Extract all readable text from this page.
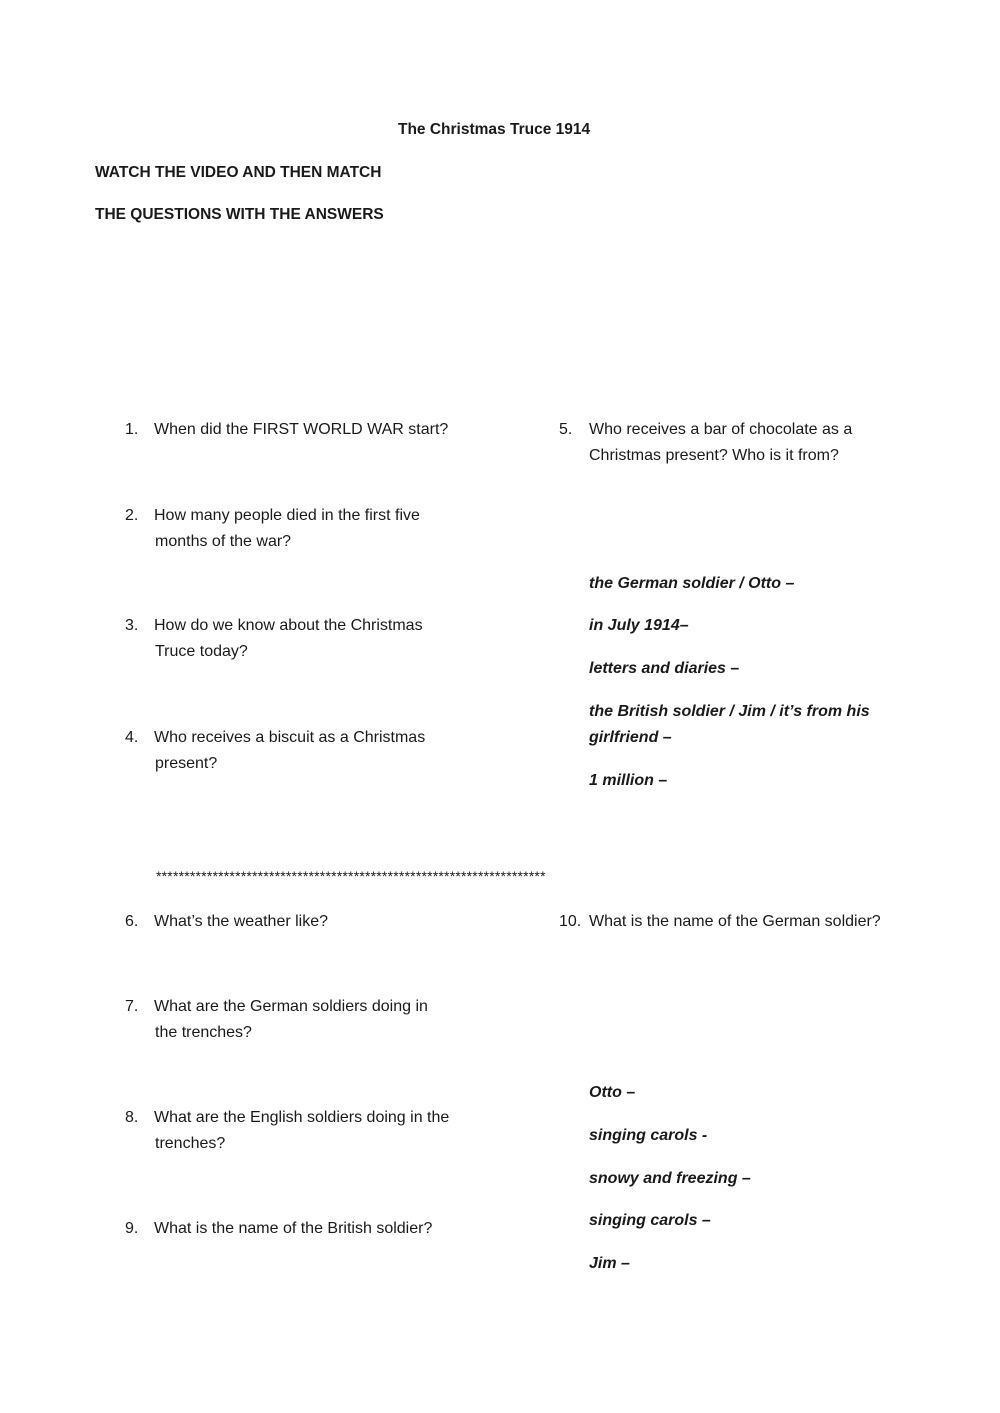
The Christmas Truce 1914
WATCH THE VIDEO AND THEN MATCH
THE QUESTIONS WITH THE ANSWERS
1. When did the FIRST WORLD WAR start?
2. How many people died in the first five
months of the war?
3. How do we know about the Christmas
Truce today?
4. Who receives a biscuit as a Christmas
present?
5. Who receives a bar of chocolate as a
Christmas present? Who is it from?
the German soldier / Otto –
in July 1914–
letters and diaries –
the British soldier / Jim / it’s from his
girlfriend –
1 million –
*********************************************************************
6. What’s the weather like?
7. What are the German soldiers doing in
the trenches?
8. What are the English soldiers doing in the
trenches?
9. What is the name of the British soldier?
10. What is the name of the German soldier?
Otto –
singing carols -
snowy and freezing –
singing carols –
Jim –
